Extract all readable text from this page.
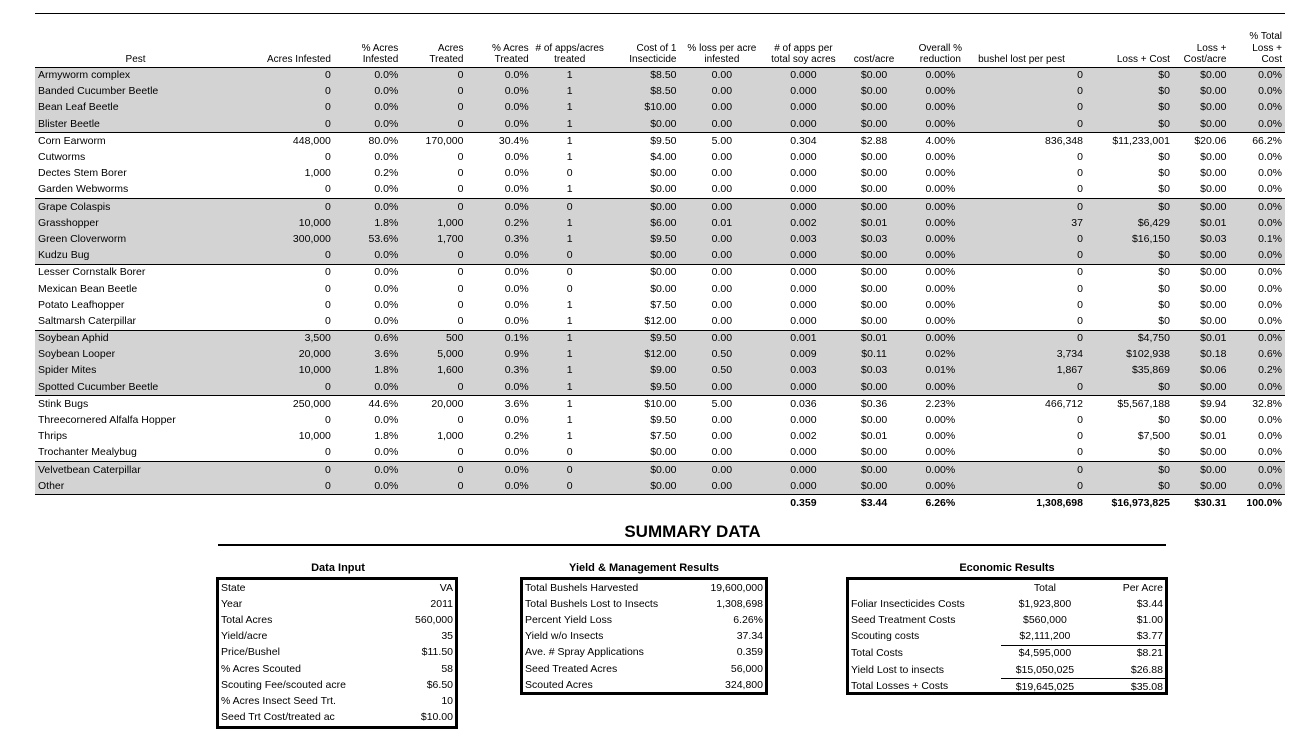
Pest	Acres Infested	% Acres Infested	Acres Treated	% Acres Treated	# of apps/acres treated	Cost of 1 Insecticide	% loss per acre infested	# of apps per total soy acres	cost/acre	Overall % reduction	bushel lost per pest	Loss + Cost	Loss + Cost/acre	% Total Loss + Cost
Armyworm complex	0	0.0%	0	0.0%	1	$8.50	0.00	0.000	$0.00	0.00%	0	$0	$0.00	0.0%
Banded Cucumber Beetle	0	0.0%	0	0.0%	1	$8.50	0.00	0.000	$0.00	0.00%	0	$0	$0.00	0.0%
Bean Leaf Beetle	0	0.0%	0	0.0%	1	$10.00	0.00	0.000	$0.00	0.00%	0	$0	$0.00	0.0%
Blister Beetle	0	0.0%	0	0.0%	1	$0.00	0.00	0.000	$0.00	0.00%	0	$0	$0.00	0.0%
Corn Earworm	448,000	80.0%	170,000	30.4%	1	$9.50	5.00	0.304	$2.88	4.00%	836,348	$11,233,001	$20.06	66.2%
Cutworms	0	0.0%	0	0.0%	1	$4.00	0.00	0.000	$0.00	0.00%	0	$0	$0.00	0.0%
Dectes Stem Borer	1,000	0.2%	0	0.0%	0	$0.00	0.00	0.000	$0.00	0.00%	0	$0	$0.00	0.0%
Garden Webworms	0	0.0%	0	0.0%	1	$0.00	0.00	0.000	$0.00	0.00%	0	$0	$0.00	0.0%
Grape Colaspis	0	0.0%	0	0.0%	0	$0.00	0.00	0.000	$0.00	0.00%	0	$0	$0.00	0.0%
Grasshopper	10,000	1.8%	1,000	0.2%	1	$6.00	0.01	0.002	$0.01	0.00%	37	$6,429	$0.01	0.0%
Green Cloverworm	300,000	53.6%	1,700	0.3%	1	$9.50	0.00	0.003	$0.03	0.00%	0	$16,150	$0.03	0.1%
Kudzu Bug	0	0.0%	0	0.0%	0	$0.00	0.00	0.000	$0.00	0.00%	0	$0	$0.00	0.0%
Lesser Cornstalk Borer	0	0.0%	0	0.0%	0	$0.00	0.00	0.000	$0.00	0.00%	0	$0	$0.00	0.0%
Mexican Bean Beetle	0	0.0%	0	0.0%	0	$0.00	0.00	0.000	$0.00	0.00%	0	$0	$0.00	0.0%
Potato Leafhopper	0	0.0%	0	0.0%	1	$7.50	0.00	0.000	$0.00	0.00%	0	$0	$0.00	0.0%
Saltmarsh Caterpillar	0	0.0%	0	0.0%	1	$12.00	0.00	0.000	$0.00	0.00%	0	$0	$0.00	0.0%
Soybean Aphid	3,500	0.6%	500	0.1%	1	$9.50	0.00	0.001	$0.01	0.00%	0	$4,750	$0.01	0.0%
Soybean Looper	20,000	3.6%	5,000	0.9%	1	$12.00	0.50	0.009	$0.11	0.02%	3,734	$102,938	$0.18	0.6%
Spider Mites	10,000	1.8%	1,600	0.3%	1	$9.00	0.50	0.003	$0.03	0.01%	1,867	$35,869	$0.06	0.2%
Spotted Cucumber Beetle	0	0.0%	0	0.0%	1	$9.50	0.00	0.000	$0.00	0.00%	0	$0	$0.00	0.0%
Stink Bugs	250,000	44.6%	20,000	3.6%	1	$10.00	5.00	0.036	$0.36	2.23%	466,712	$5,567,188	$9.94	32.8%
Threecornered Alfalfa Hopper	0	0.0%	0	0.0%	1	$9.50	0.00	0.000	$0.00	0.00%	0	$0	$0.00	0.0%
Thrips	10,000	1.8%	1,000	0.2%	1	$7.50	0.00	0.002	$0.01	0.00%	0	$7,500	$0.01	0.0%
Trochanter Mealybug	0	0.0%	0	0.0%	0	$0.00	0.00	0.000	$0.00	0.00%	0	$0	$0.00	0.0%
Velvetbean Caterpillar	0	0.0%	0	0.0%	0	$0.00	0.00	0.000	$0.00	0.00%	0	$0	$0.00	0.0%
Other	0	0.0%	0	0.0%	0	$0.00	0.00	0.000	$0.00	0.00%	0	$0	$0.00	0.0%
								0.359	$3.44	6.26%	1,308,698	$16,973,825	$30.31	100.0%
SUMMARY DATA
Data Input
State	VA
Year	2011
Total Acres	560,000
Yield/acre	35
Price/Bushel	$11.50
% Acres Scouted	58
Scouting Fee/scouted acre	$6.50
% Acres Insect Seed Trt.	10
Seed Trt Cost/treated ac	$10.00
Yield & Management Results
Total Bushels Harvested	19,600,000
Total Bushels Lost to Insects	1,308,698
Percent Yield Loss	6.26%
Yield w/o Insects	37.34
Ave. # Spray Applications	0.359
Seed Treated Acres	56,000
Scouted Acres	324,800
Economic Results
	Total	Per Acre
Foliar Insecticides Costs	$1,923,800	$3.44
Seed Treatment Costs	$560,000	$1.00
Scouting costs	$2,111,200	$3.77
Total Costs	$4,595,000	$8.21
Yield Lost to insects	$15,050,025	$26.88
Total Losses + Costs	$19,645,025	$35.08
